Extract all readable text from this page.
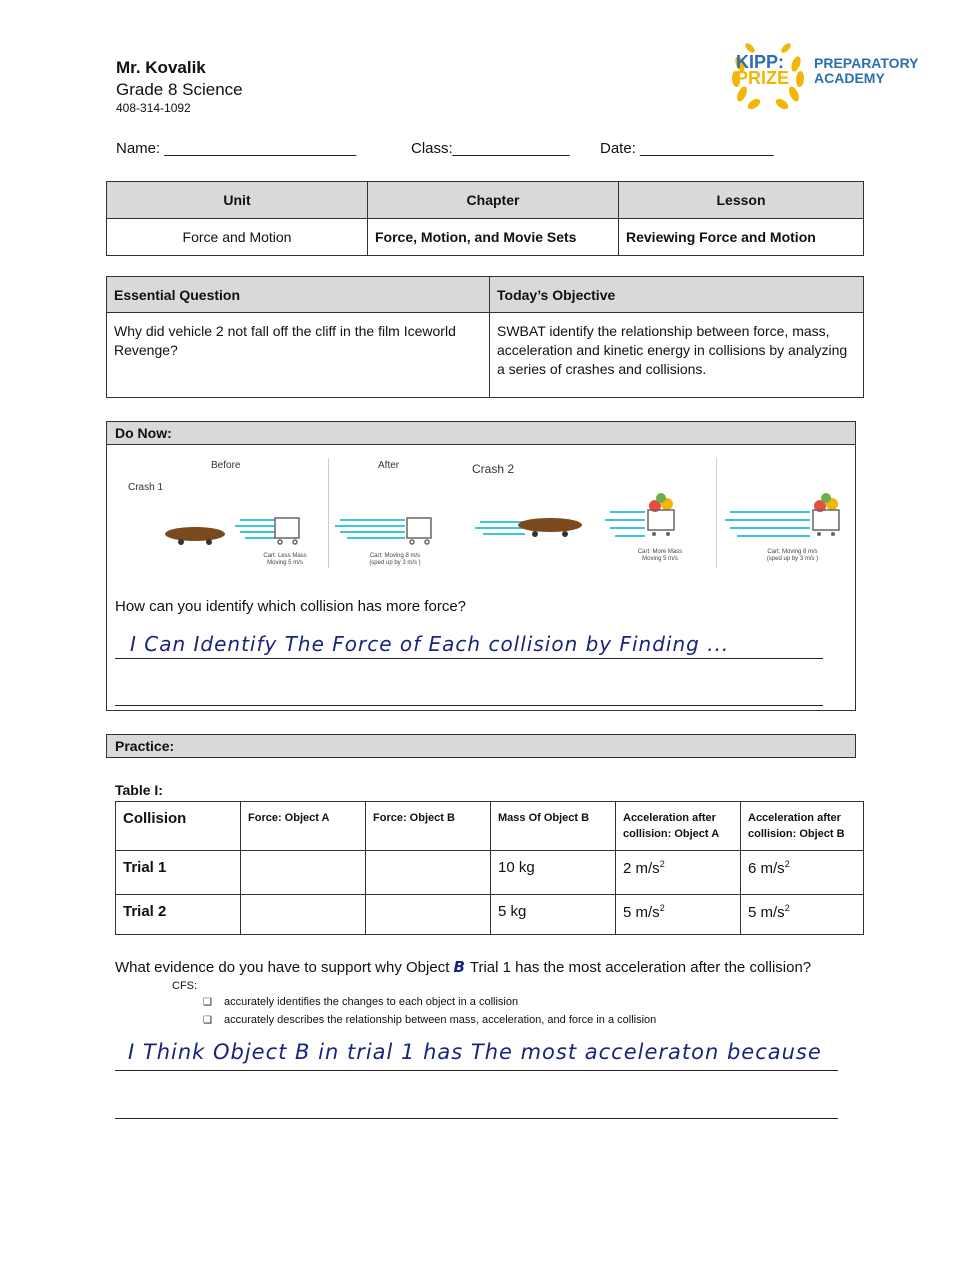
Mr. Kovalik
Grade 8 Science
408-314-1092
KIPP:
PRIZE
PREPARATORY
ACADEMY
Name: _______________________	Class:______________ Date: ________________
Unit	Chapter	Lesson
Force and Motion	Force, Motion, and Movie Sets	Reviewing Force and Motion
Essential Question	Today’s Objective
Why did vehicle 2 not fall off the cliff in the film Iceworld Revenge?	SWBAT identify the relationship between force, mass, acceleration and kinetic energy in collisions by analyzing a series of crashes and collisions.
Do Now:
Before	After
Crash 1
Crash 2
Cart: Less Mass
Moving 5 m/s
Cart: Moving 8 m/s
(sped up by 3 m/s )
Cart: More Mass
Moving 5 m/s
Cart: Moving 8 m/s
(sped up by 3 m/s )
How can you identify which collision has more force?
I Can Identify The Force of Each collision by Finding ...
Practice:
Table I:
Collision	Force: Object A	Force: Object B	Mass Of Object B	Acceleration after collision: Object A	Acceleration after collision: Object B
Trial 1			10 kg	2 $m/s^2$	6 $m/s^2$
Trial 2			5 kg	5 $m/s^2$	5 $m/s^2$
What evidence do you have to support why Object B Trial 1 has the most acceleration after the collision?
CFS:
❑ accurately identifies the changes to each object in a collision
❑ accurately describes the relationship between mass, acceleration, and force in a collision
I Think Object B in trial 1 has The most acceleraton because
